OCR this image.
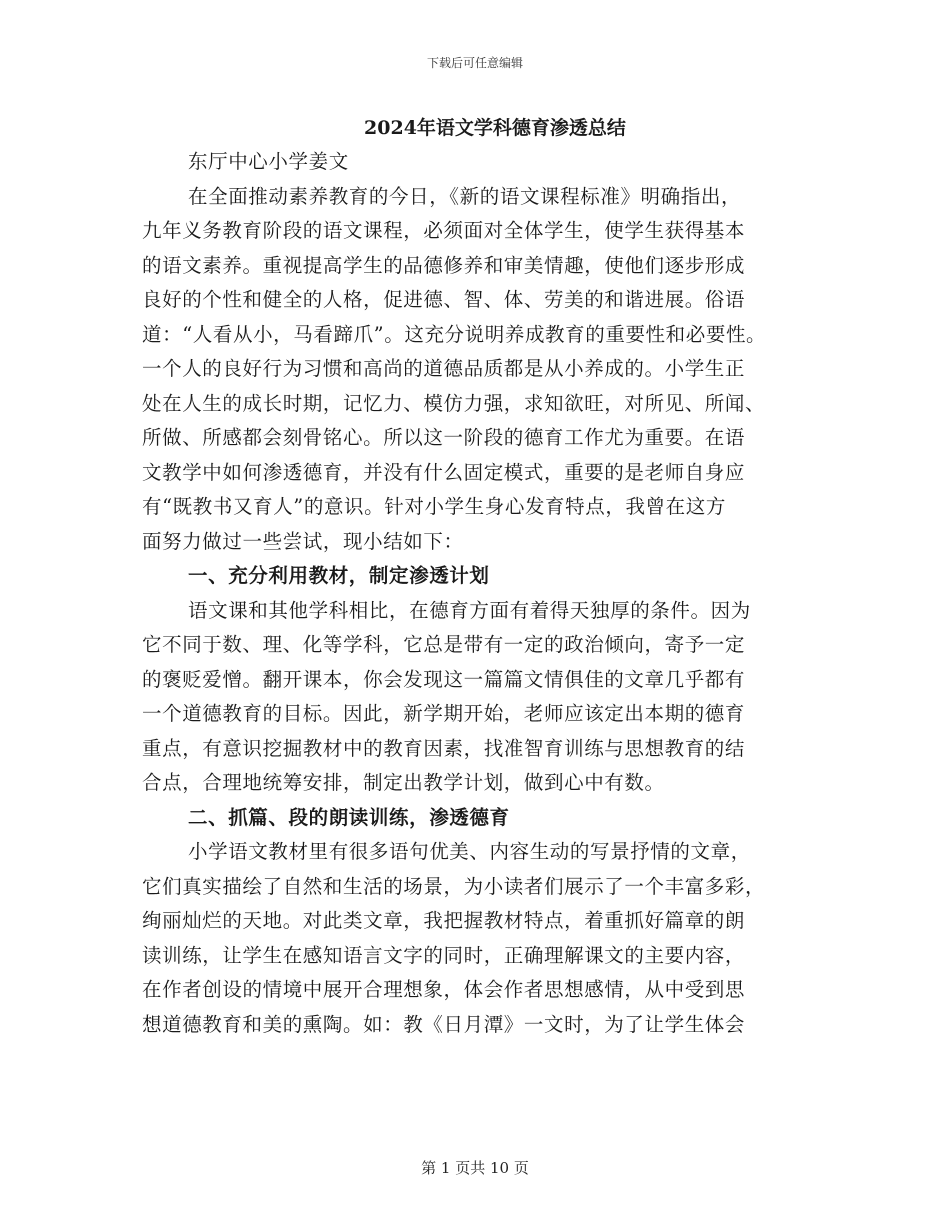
下载后可任意编辑
2024年语文学科德育渗透总结
东厅中心小学姜文
在全面推动素养教育的今日，《新的语文课程标准》明确指出，
九年义务教育阶段的语文课程，必须面对全体学生，使学生获得基本
的语文素养。重视提高学生的品德修养和审美情趣，使他们逐步形成
良好的个性和健全的人格，促进德、智、体、劳美的和谐进展。俗语
道：“人看从小，马看蹄爪”。这充分说明养成教育的重要性和必要性。
一个人的良好行为习惯和高尚的道德品质都是从小养成的。小学生正
处在人生的成长时期，记忆力、模仿力强，求知欲旺，对所见、所闻、
所做、所感都会刻骨铭心。所以这一阶段的德育工作尤为重要。在语
文教学中如何渗透德育，并没有什么固定模式，重要的是老师自身应
有“既教书又育人”的意识。针对小学生身心发育特点，我曾在这方
面努力做过一些尝试，现小结如下：
一、充分利用教材，制定渗透计划
语文课和其他学科相比，在德育方面有着得天独厚的条件。因为
它不同于数、理、化等学科，它总是带有一定的政治倾向，寄予一定
的褒贬爱憎。翻开课本，你会发现这一篇篇文情俱佳的文章几乎都有
一个道德教育的目标。因此，新学期开始，老师应该定出本期的德育
重点，有意识挖掘教材中的教育因素，找准智育训练与思想教育的结
合点，合理地统筹安排，制定出教学计划，做到心中有数。
二、抓篇、段的朗读训练，渗透德育
小学语文教材里有很多语句优美、内容生动的写景抒情的文章，
它们真实描绘了自然和生活的场景，为小读者们展示了一个丰富多彩，
绚丽灿烂的天地。对此类文章，我把握教材特点，着重抓好篇章的朗
读训练，让学生在感知语言文字的同时，正确理解课文的主要内容，
在作者创设的情境中展开合理想象，体会作者思想感情，从中受到思
想道德教育和美的熏陶。如：教《日月潭》一文时，为了让学生体会
第 1 页共 10 页
